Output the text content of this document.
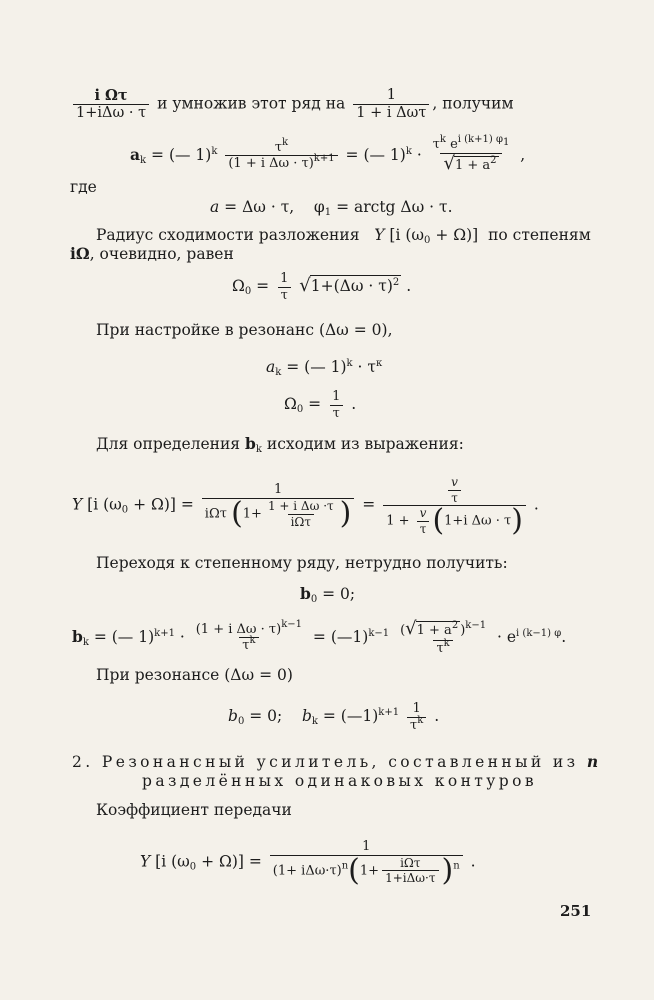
$\frac{\text{i Ωτ}}{\text{1+iΔω · τ}}$ и умножив этот ряд на $\frac{1}{\text{1 + i Δωτ}}$ , получим
$a_k$ = (— $1)^k \frac{\tau^k}{(1 + i \Delta\omega \cdot \tau)^{k+1}}$ = (— $1)^k \cdot \frac{\tau^k e^{i (k+1) \varphi_1}}{√1 + a^2}$ ,
где
a = Δω · τ,    $\varphi_1$ = arctg Δω · τ.
Радиус сходимости разложения Y [i $(\omega_0 + \Omega)$]  по степеням
iΩ, очевидно, равен
$\Omega_0 = \frac{1}{\tau} √1+(\Delta\omega \cdot \tau)^2$ .
При настройке в резонанс (Δω = 0),
$a_k$ = (— $1)^k \cdot \tau^\kappa$
$\Omega_0 = \frac{1}{\tau}$ .
Для определения $b_k$ исходим из выражения:
Y [i $(\omega_0 + \Omega)] = \frac{1}{i\Omega\tau (1+ \frac{\text{1 + i Δω ·τ}}{\text{iΩτ}} )} = \frac{\frac{v}{\tau}}{1 + \frac{v}{\tau} (1+i \Delta\omega \cdot \tau)}$ .
Переходя к степенному ряду, нетрудно получить:
$b_0 = 0$;
$b_k$ = (— $1)^{k+1} \cdot \frac{(1 + i \Delta\omega \cdot \tau)^{k-1}}{\tau^k}$ = (—1)$^{k-1}$ $\frac{(√1 + a^2 )^{k-1}}{\tau^k} \cdot e^{i (k-1) \varphi}$.
При резонансе (Δω = 0)
$b_0 = 0$;    $b_k$ = (—1)$^{k+1}$ $\frac{1}{\tau^k}$ .
2. Резонансный усилитель, составленный из n
разделённых одинаковых контуров
Коэффициент передачи
Y [i $(\omega_0 + \Omega)] = \frac{1}{(1+ i\Delta\omega\cdot\tau)^n(1+ \frac{\text{iΩτ}}{\text{1+iΔω·τ}} )^n}$ .
251
